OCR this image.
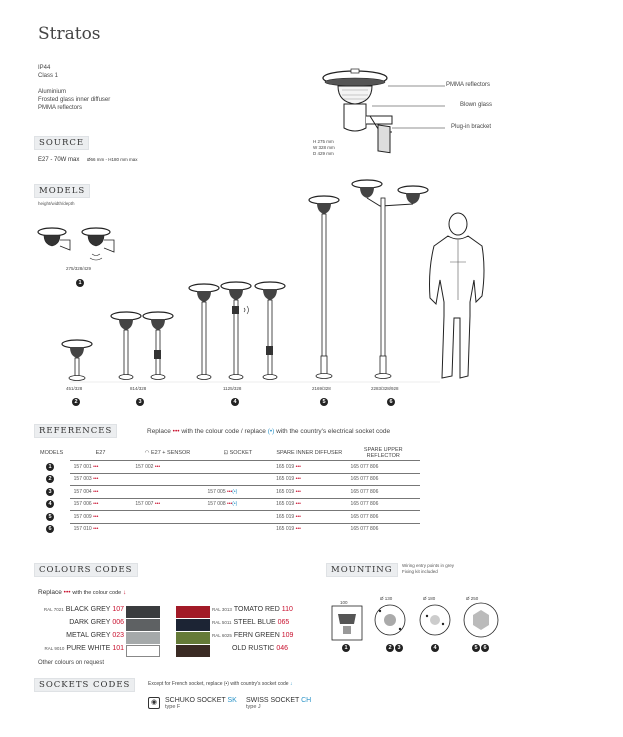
Stratos
IP44
Class 1
Aluminium
Frosted glass inner diffuser
PMMA reflectors
SOURCE
E27 - 70W max Ø66 mm - H180 mm max
MODELS
height/width/depth
PMMA reflectors
Blown glass
Plug-in bracket
H 275 mm
W 328 mm
D 429 mm
275/328/429
1
451/328
2
814/328
3
1125/328
4
2169/328
5
2283/328/928
6
REFERENCES	Replace ••• with the colour code / replace (•) with the country's electrical socket code
MODELS	E27	◠ E27 + SENSOR	⊡ SOCKET	SPARE INNER DIFFUSER	SPARE UPPER REFLECTOR
1	157 001 •••	157 002 •••		165 019 •••	165 077 806
2	157 003 •••			165 019 •••	165 077 806
3	157 004 •••		157 005 •••(•)	165 019 •••	165 077 806
4	157 006 •••	157 007 •••	157 008 •••(•)	165 019 •••	165 077 806
5	157 009 •••			165 019 •••	165 077 806
6	157 010 •••			165 019 •••	165 077 806
COLOURS CODES
Replace ••• with the colour code ↓
RAL 7021 BLACK GREY 107
DARK GREY 006
METAL GREY 023
RAL 9010 PURE WHITE 101
RAL 3013 TOMATO RED 110
RAL 5011 STEEL BLUE 065
RAL 6025 FERN GREEN 109
OLD RUSTIC 046
Other colours on request
MOUNTING	Wiring entry points in grey
Fixing kit included
100
Ø 130	Ø 180	Ø 250
1	2	3	4	5	6
SOCKETS CODES	Except for French socket, replace (•) with country's socket code ↓
◉	SCHUKO SOCKET SK
type F
SWISS SOCKET CH
type J
